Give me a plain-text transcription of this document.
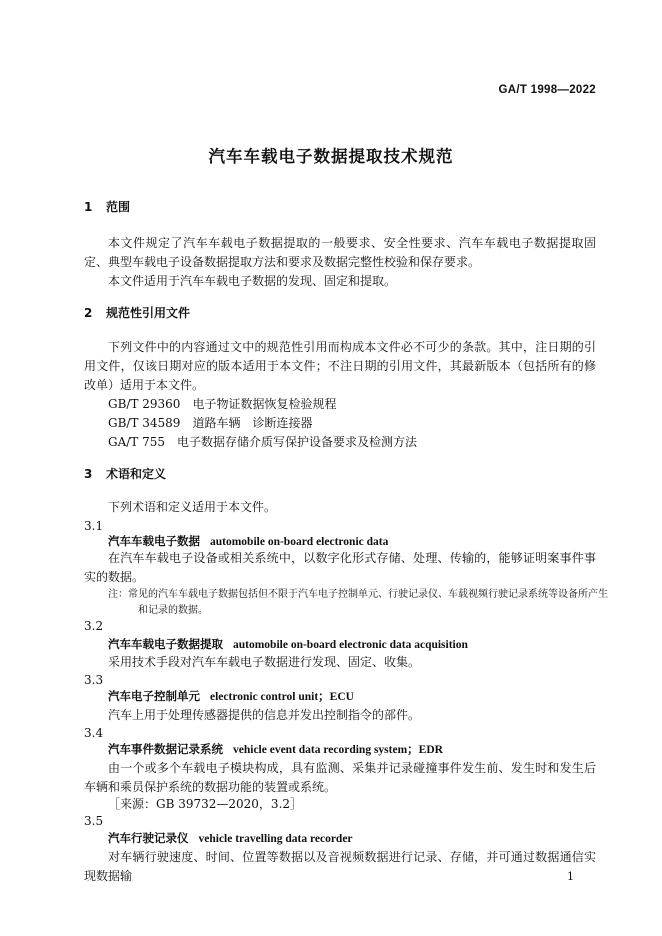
GA/T 1998—2022
汽车车载电子数据提取技术规范
1 范围
本文件规定了汽车车载电子数据提取的一般要求、安全性要求、汽车车载电子数据提取固定、典型车载电子设备数据提取方法和要求及数据完整性校验和保存要求。
本文件适用于汽车车载电子数据的发现、固定和提取。
2 规范性引用文件
下列文件中的内容通过文中的规范性引用而构成本文件必不可少的条款。其中，注日期的引用文件，仅该日期对应的版本适用于本文件；不注日期的引用文件，其最新版本（包括所有的修改单）适用于本文件。
GB/T 29360　 电子物证数据恢复检验规程
GB/T 34589　 道路车辆　诊断连接器
GA/T 755　 电子数据存储介质写保护设备要求及检测方法
3 术语和定义
下列术语和定义适用于本文件。
3.1
汽车车载电子数据 automobile on-board electronic data
在汽车车载电子设备或相关系统中，以数字化形式存储、处理、传输的，能够证明案事件事实的数据。
注：常见的汽车车载电子数据包括但不限于汽车电子控制单元、行驶记录仪、车载视频行驶记录系统等设备所产生
和记录的数据。
3.2
汽车车载电子数据提取 automobile on-board electronic data acquisition
采用技术手段对汽车车载电子数据进行发现、固定、收集。
3.3
汽车电子控制单元 electronic control unit；ECU
汽车上用于处理传感器提供的信息并发出控制指令的部件。
3.4
汽车事件数据记录系统 vehicle event data recording system；EDR
由一个或多个车载电子模块构成，具有监测、采集并记录碰撞事件发生前、发生时和发生后车辆和乘员保护系统的数据功能的装置或系统。
［来源：GB 39732—2020，3.2］
3.5
汽车行驶记录仪 vehicle travelling data recorder
对车辆行驶速度、时间、位置等数据以及音视频数据进行记录、存储，并可通过数据通信实现数据输	1
